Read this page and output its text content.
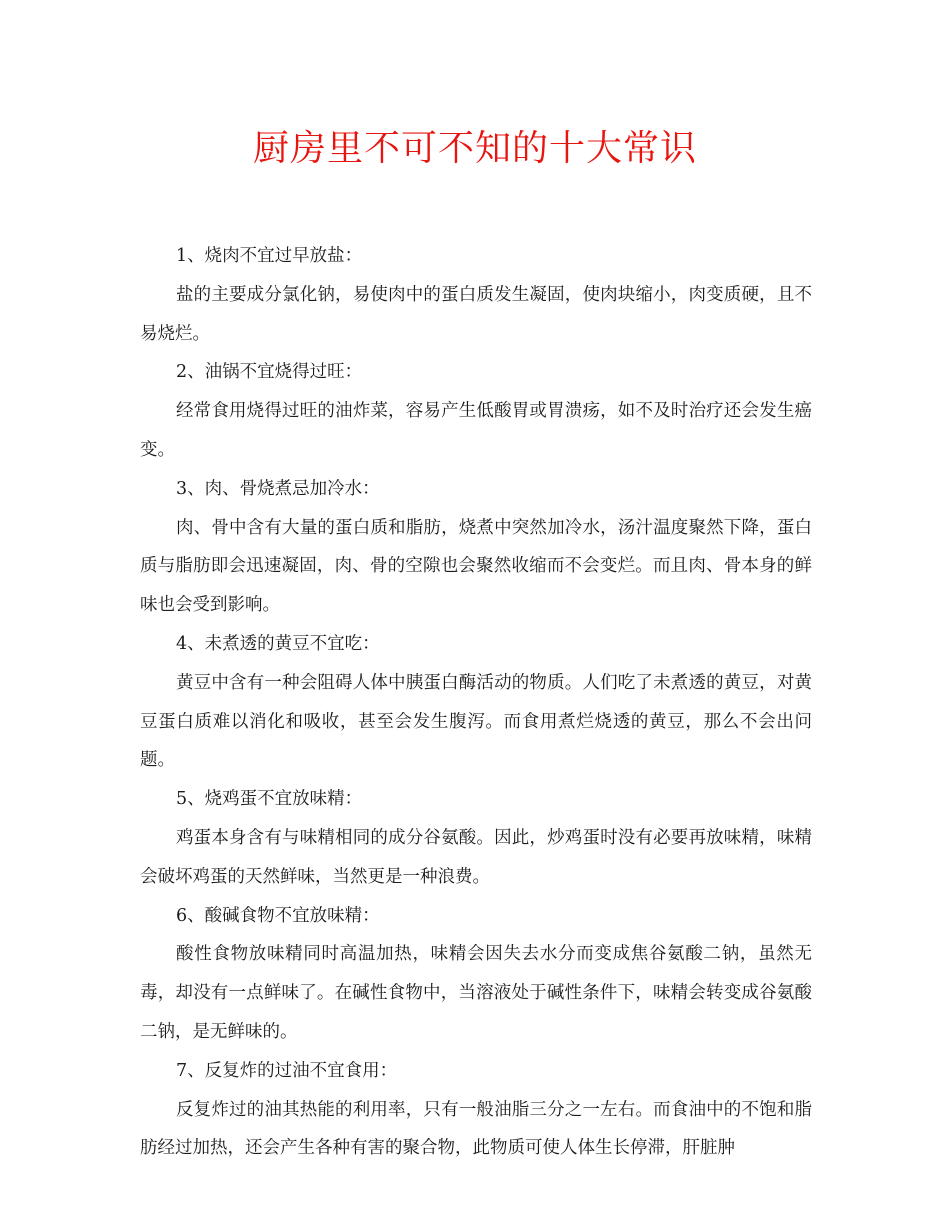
厨房里不可不知的十大常识

1、烧肉不宜过早放盐：

盐的主要成分氯化钠，易使肉中的蛋白质发生凝固，使肉块缩小，肉变质硬，且不易烧烂。

2、油锅不宜烧得过旺：

经常食用烧得过旺的油炸菜，容易产生低酸胃或胃溃疡，如不及时治疗还会发生癌变。

3、肉、骨烧煮忌加冷水：

肉、骨中含有大量的蛋白质和脂肪，烧煮中突然加冷水，汤汁温度聚然下降，蛋白质与脂肪即会迅速凝固，肉、骨的空隙也会聚然收缩而不会变烂。而且肉、骨本身的鲜味也会受到影响。

4、未煮透的黄豆不宜吃：

黄豆中含有一种会阻碍人体中胰蛋白酶活动的物质。人们吃了未煮透的黄豆，对黄豆蛋白质难以消化和吸收，甚至会发生腹泻。而食用煮烂烧透的黄豆，那么不会出问题。

5、烧鸡蛋不宜放味精：

鸡蛋本身含有与味精相同的成分谷氨酸。因此，炒鸡蛋时没有必要再放味精，味精会破坏鸡蛋的天然鲜味，当然更是一种浪费。

6、酸碱食物不宜放味精：

酸性食物放味精同时高温加热，味精会因失去水分而变成焦谷氨酸二钠，虽然无毒，却没有一点鲜味了。在碱性食物中，当溶液处于碱性条件下，味精会转变成谷氨酸二钠，是无鲜味的。

7、反复炸的过油不宜食用：

反复炸过的油其热能的利用率，只有一般油脂三分之一左右。而食油中的不饱和脂肪经过加热，还会产生各种有害的聚合物，此物质可使人体生长停滞，肝脏肿
